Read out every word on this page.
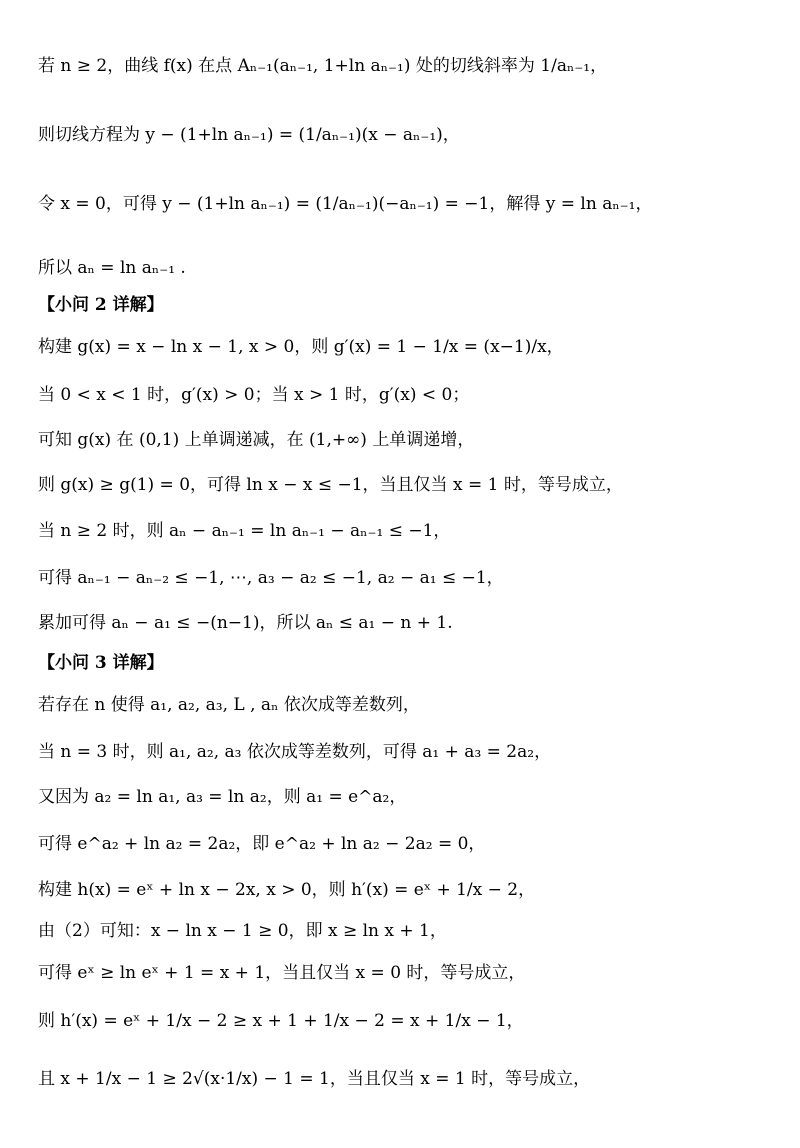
若 n ≥ 2，曲线 f(x) 在点 Aₙ₋₁(aₙ₋₁, 1+ln aₙ₋₁) 处的切线斜率为 1/aₙ₋₁，
则切线方程为 y − (1+ln aₙ₋₁) = (1/aₙ₋₁)(x − aₙ₋₁)，
令 x = 0，可得 y − (1+ln aₙ₋₁) = (1/aₙ₋₁)(−aₙ₋₁) = −1，解得 y = ln aₙ₋₁，
所以 aₙ = ln aₙ₋₁ .
【小问 2 详解】
构建 g(x) = x − ln x − 1, x > 0，则 g′(x) = 1 − 1/x = (x−1)/x，
当 0 < x < 1 时，g′(x) > 0；当 x > 1 时，g′(x) < 0；
可知 g(x) 在 (0,1) 上单调递减，在 (1,+∞) 上单调递增，
则 g(x) ≥ g(1) = 0，可得 ln x − x ≤ −1，当且仅当 x = 1 时，等号成立，
当 n ≥ 2 时，则 aₙ − aₙ₋₁ = ln aₙ₋₁ − aₙ₋₁ ≤ −1，
可得 aₙ₋₁ − aₙ₋₂ ≤ −1, ⋯, a₃ − a₂ ≤ −1, a₂ − a₁ ≤ −1，
累加可得 aₙ − a₁ ≤ −(n−1)，所以 aₙ ≤ a₁ − n + 1.
【小问 3 详解】
若存在 n 使得 a₁, a₂, a₃, L , aₙ 依次成等差数列，
当 n = 3 时，则 a₁, a₂, a₃ 依次成等差数列，可得 a₁ + a₃ = 2a₂，
又因为 a₂ = ln a₁, a₃ = ln a₂，则 a₁ = e^a₂，
可得 e^a₂ + ln a₂ = 2a₂，即 e^a₂ + ln a₂ − 2a₂ = 0，
构建 h(x) = eˣ + ln x − 2x, x > 0，则 h′(x) = eˣ + 1/x − 2，
由（2）可知：x − ln x − 1 ≥ 0，即 x ≥ ln x + 1，
可得 eˣ ≥ ln eˣ + 1 = x + 1，当且仅当 x = 0 时，等号成立，
则 h′(x) = eˣ + 1/x − 2 ≥ x + 1 + 1/x − 2 = x + 1/x − 1，
且 x + 1/x − 1 ≥ 2√(x·1/x) − 1 = 1，当且仅当 x = 1 时，等号成立，
